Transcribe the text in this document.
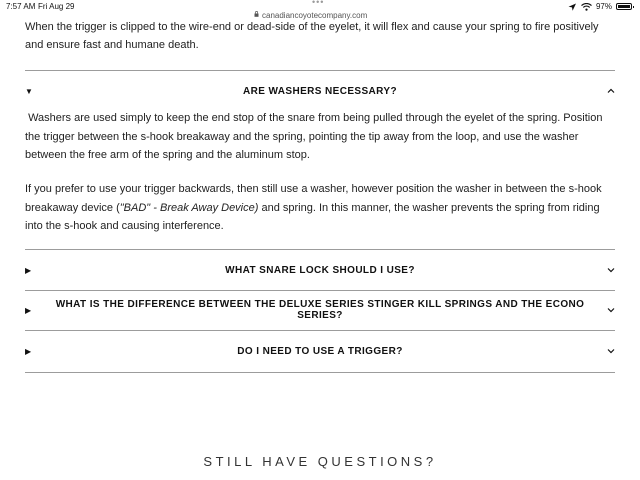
7:57 AM Fri Aug 29	•••
canadiancoyotecompany.com
97%
When the trigger is clipped to the wire-end or dead-side of the eyelet, it will flex and cause your spring to fire positively and ensure fast and humane death.
▼	ARE WASHERS NECESSARY?
Washers are used simply to keep the end stop of the snare from being pulled through the eyelet of the spring. Position the trigger between the s-hook breakaway and the spring, pointing the tip away from the loop, and use the washer between the free arm of the spring and the aluminum stop.
If you prefer to use your trigger backwards, then still use a washer, however position the washer in between the s-hook breakaway device ("BAD" - Break Away Device) and spring. In this manner, the washer prevents the spring from riding into the s-hook and causing interference.
▶	WHAT SNARE LOCK SHOULD I USE?
▶	WHAT IS THE DIFFERENCE BETWEEN THE DELUXE SERIES STINGER KILL SPRINGS AND THE ECONO SERIES?
▶	DO I NEED TO USE A TRIGGER?
STILL HAVE QUESTIONS?
